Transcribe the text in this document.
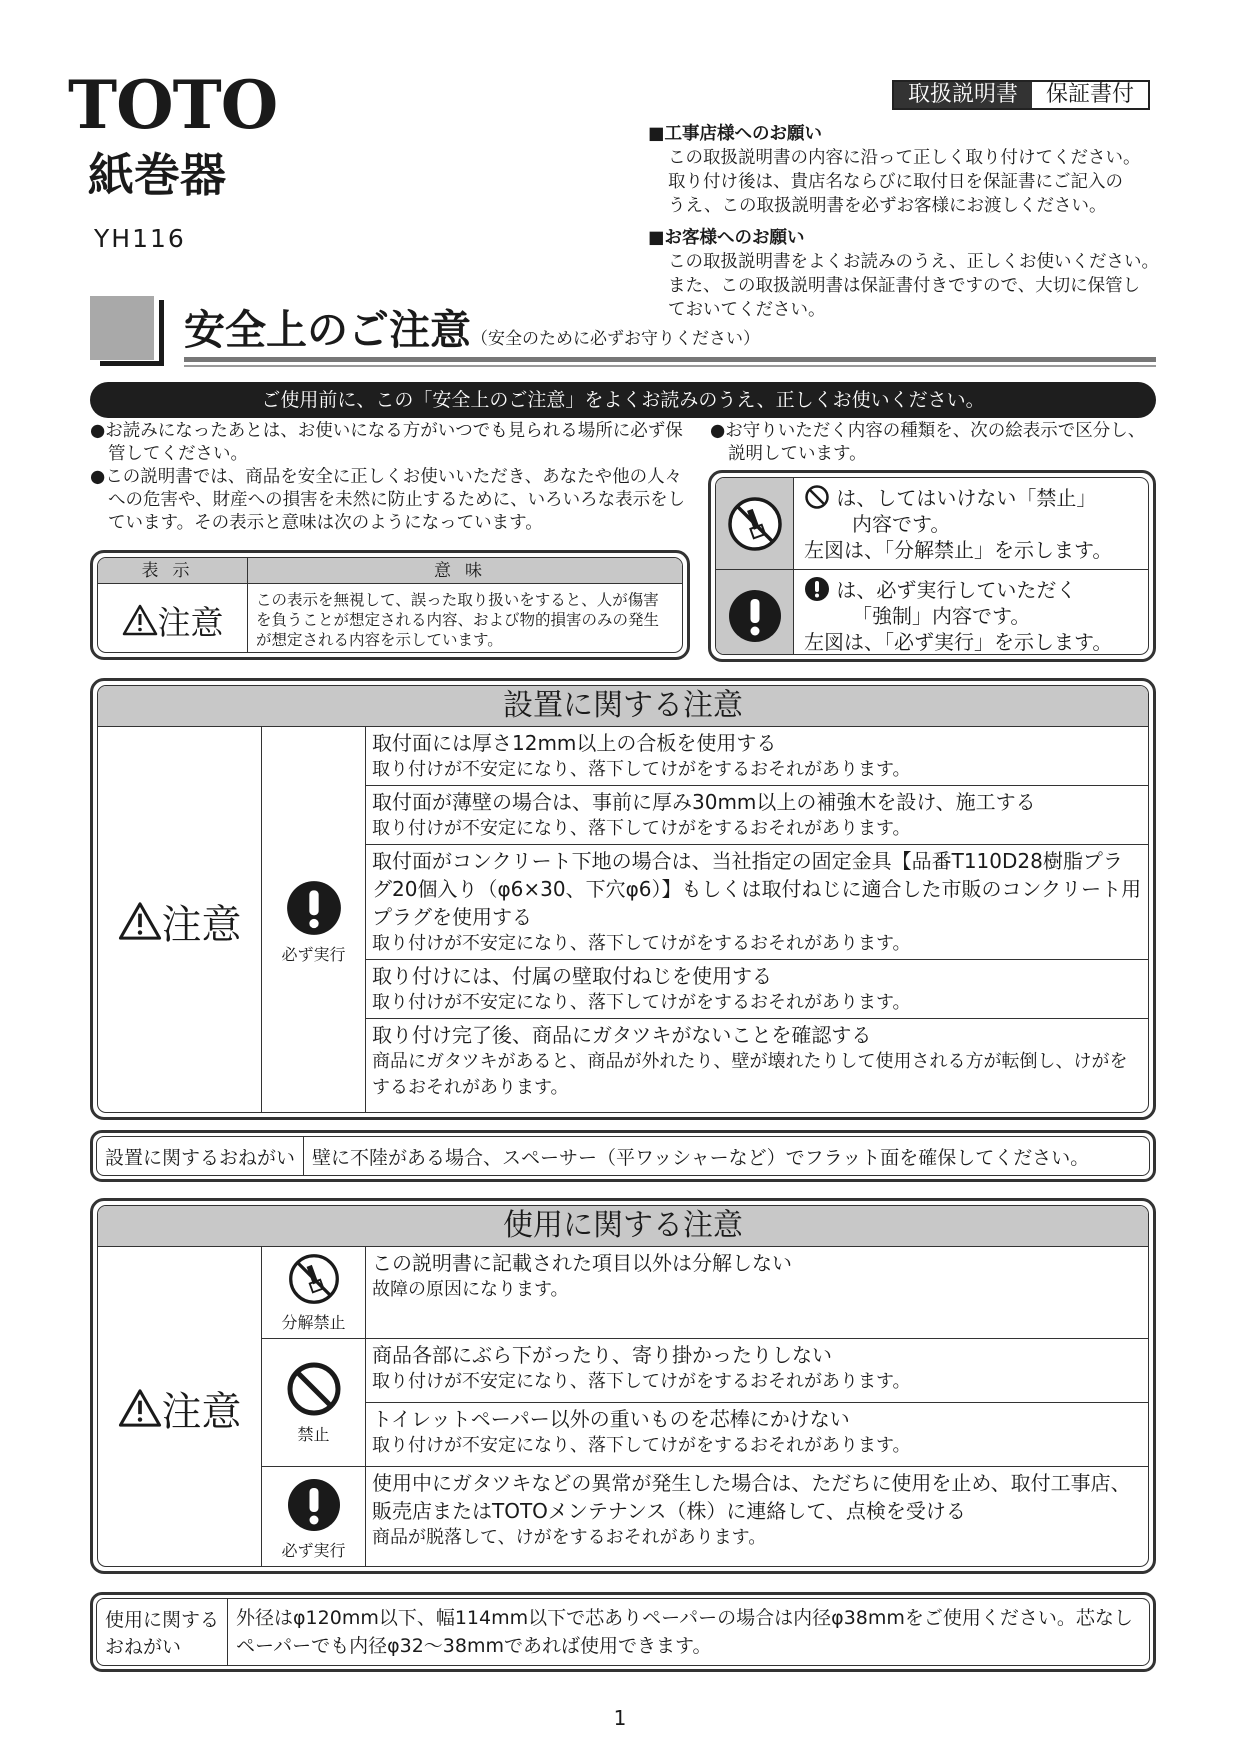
TOTO
紙巻器
YH116
取扱説明書	保証書付
■工事店様へのお願い
この取扱説明書の内容に沿って正しく取り付けてください。
取り付け後は、貴店名ならびに取付日を保証書にご記入の
うえ、この取扱説明書を必ずお客様にお渡しください。
■お客様へのお願い
この取扱説明書をよくお読みのうえ、正しくお使いください。
また、この取扱説明書は保証書付きですので、大切に保管し
ておいてください。
安全上のご注意（安全のために必ずお守りください）
ご使用前に、この「安全上のご注意」をよくお読みのうえ、正しくお使いください。
●お読みになったあとは、お使いになる方がいつでも見られる場所に必ず保管してください。
●この説明書では、商品を安全に正しくお使いいただき、あなたや他の人々への危害や、財産への損害を未然に防止するために、いろいろな表示をしています。その表示と意味は次のようになっています。
●お守りいただく内容の種類を、次の絵表示で区分し、説明しています。
表示	意味
注意
この表示を無視して、誤った取り扱いをすると、人が傷害を負うことが想定される内容、および物的損害のみの発生が想定される内容を示しています。
は、してはいけない「禁止」
内容です。
左図は、「分解禁止」を示します。
は、必ず実行していただく
「強制」内容です。
左図は、「必ず実行」を示します。
設置に関する注意
注意
必ず実行
取付面には厚さ12mm以上の合板を使用する
取り付けが不安定になり、落下してけがをするおそれがあります。
取付面が薄壁の場合は、事前に厚み30mm以上の補強木を設け、施工する
取り付けが不安定になり、落下してけがをするおそれがあります。
取付面がコンクリート下地の場合は、当社指定の固定金具【品番T110D28樹脂プラグ20個入り（φ6×30、下穴φ6）】もしくは取付ねじに適合した市販のコンクリート用プラグを使用する
取り付けが不安定になり、落下してけがをするおそれがあります。
取り付けには、付属の壁取付ねじを使用する
取り付けが不安定になり、落下してけがをするおそれがあります。
取り付け完了後、商品にガタツキがないことを確認する
商品にガタツキがあると、商品が外れたり、壁が壊れたりして使用される方が転倒し、けがをするおそれがあります。
設置に関するおねがい 壁に不陸がある場合、スペーサー（平ワッシャーなど）でフラット面を確保してください。
使用に関する注意
注意
分解禁止
この説明書に記載された項目以外は分解しない
故障の原因になります。
禁止
商品各部にぶら下がったり、寄り掛かったりしない
取り付けが不安定になり、落下してけがをするおそれがあります。
トイレットペーパー以外の重いものを芯棒にかけない
取り付けが不安定になり、落下してけがをするおそれがあります。
必ず実行
使用中にガタツキなどの異常が発生した場合は、ただちに使用を止め、取付工事店、販売店またはTOTOメンテナンス（株）に連絡して、点検を受ける
商品が脱落して、けがをするおそれがあります。
使用に関する
おねがい
外径はφ120mm以下、幅114mm以下で芯ありペーパーの場合は内径φ38mmをご使用ください。芯なしペーパーでも内径φ32～38mmであれば使用できます。
1
